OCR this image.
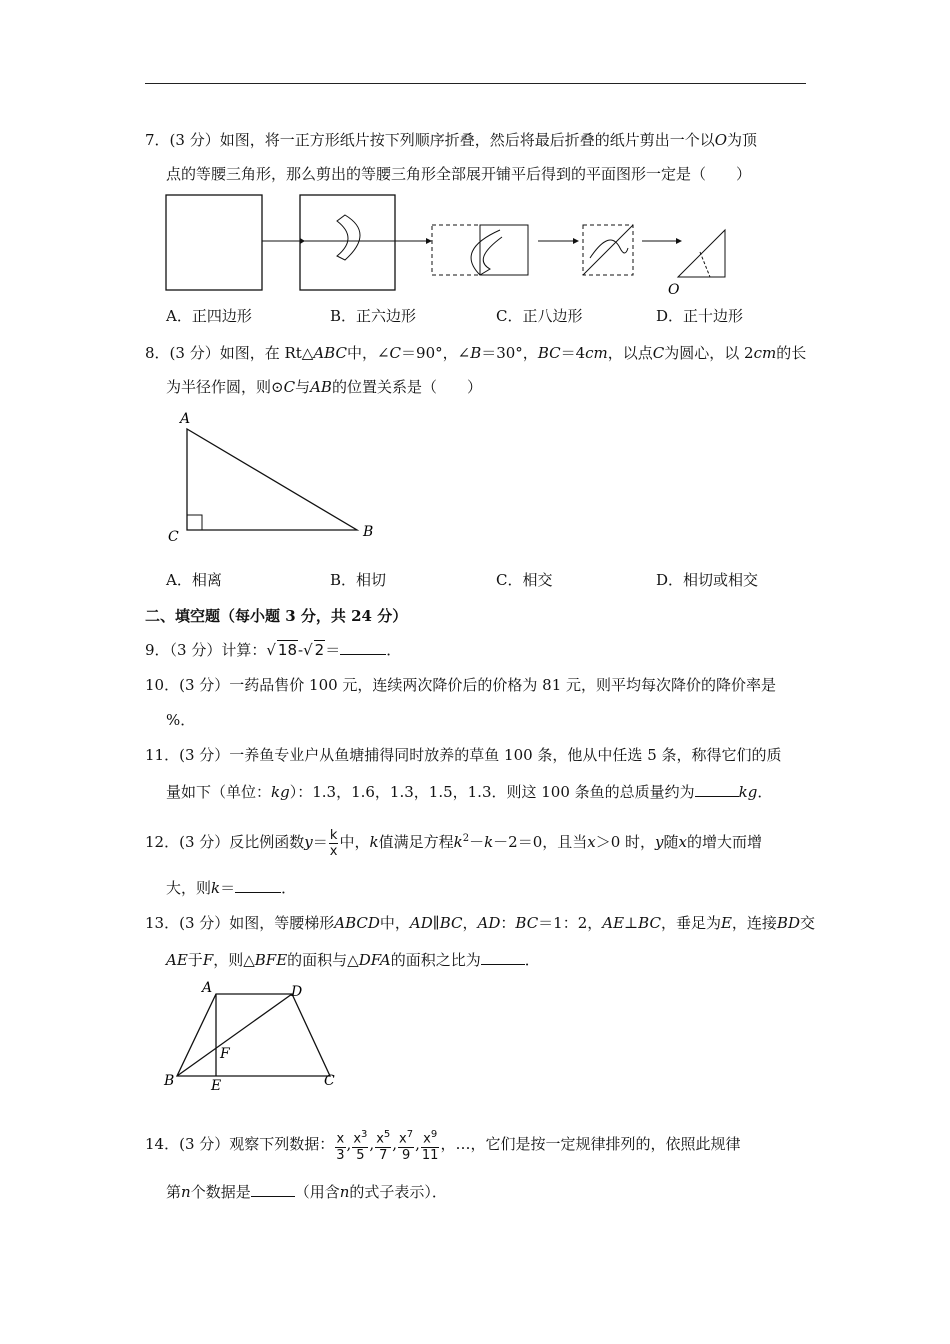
7．(3 分）如图，将一正方形纸片按下列顺序折叠，然后将最后折叠的纸片剪出一个以O为顶
点的等腰三角形，那么剪出的等腰三角形全部展开铺平后得到的平面图形一定是（　　）
O
A．正四边形	B．正六边形	C．正八边形	D．正十边形
8．(3 分）如图，在 Rt△ABC中，∠C＝90°，∠B＝30°，BC＝4cm，以点C为圆心，以 2cm的长
为半径作圆，则⊙C与AB的位置关系是（　　）
A
C	B
A．相离	B．相切	C．相交	D．相切或相交
二、填空题（每小题 3 分，共 24 分）
9．（3 分）计算：√ 18-√ 2＝	．
10．(3 分）一药品售价 100 元，连续两次降价后的价格为 81 元，则平均每次降价的降价率是
%．
11．(3 分）一养鱼专业户从鱼塘捕得同时放养的草鱼 100 条，他从中任选 5 条，称得它们的质
量如下（单位：kg）：1.3，1.6，1.3，1.5，1.3．则这 100 条鱼的总质量约为	kg．
12．(3 分）反比例函数$y= \frac{k}{x}$ 中，k值满足方程$k^2-k-2=0$，且当x＞0 时，y随x的增大而增
大，则k＝	．
13．(3 分）如图，等腰梯形ABCD中，AD∥BC，AD：BC＝1：2，AE⊥BC，垂足为E，连接BD交
AE于F，则△BFE的面积与△DFA的面积之比为	．
A	D
F
B	E	C
14．(3 分）观察下列数据： $\frac{x}{3}$ , $\frac{x^3}{5}$ , $\frac{x^5}{7}$ , $\frac{x^7}{9}$ , $\frac{x^9}{11}$ ，…，它们是按一定规律排列的，依照此规律
第n个数据是	（用含n的式子表示）．
